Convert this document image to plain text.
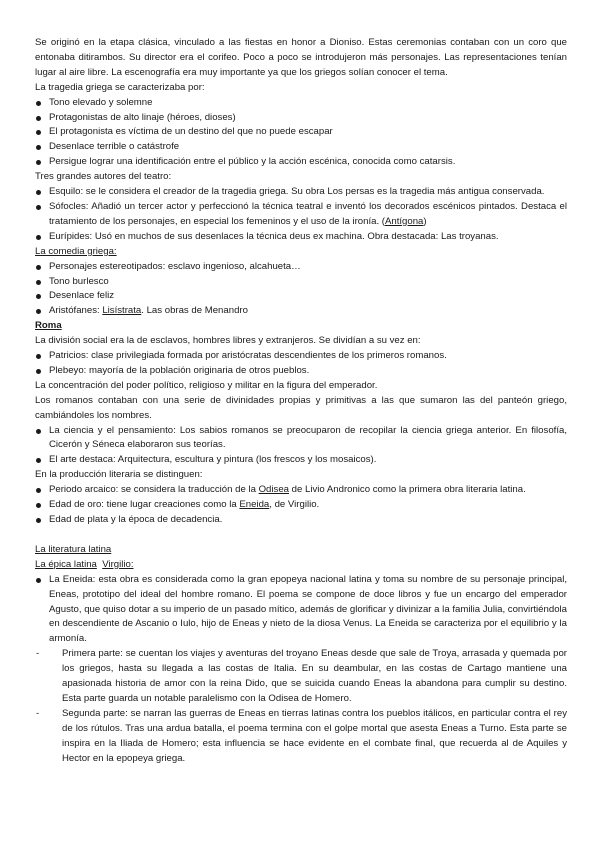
Se originó en la etapa clásica, vinculado a las fiestas en honor a Dioniso. Estas ceremonias contaban con un coro que entonaba ditirambos. Su director era el corifeo. Poco a poco se introdujeron más personajes. Las representaciones tenían lugar al aire libre. La escenografía era muy importante ya que los griegos solían conocer el tema.

La tragedia griega se caracterizaba por:

Tono elevado y solemne
Protagonistas de alto linaje (héroes, dioses)
El protagonista es víctima de un destino del que no puede escapar
Desenlace terrible o catástrofe
Persigue lograr una identificación entre el público y la acción escénica, conocida como catarsis.

Tres grandes autores del teatro:

Esquilo: se le considera el creador de la tragedia griega. Su obra Los persas es la tragedia más antigua conservada.
Sófocles: Añadió un tercer actor y perfeccionó la técnica teatral e inventó los decorados escénicos pintados. Destaca el tratamiento de los personajes, en especial los femeninos y el uso de la ironía. (Antígona)
Eurípides: Usó en muchos de sus desenlaces la técnica deus ex machina. Obra destacada: Las troyanas.

La comedia griega:

Personajes estereotipados: esclavo ingenioso, alcahueta…
Tono burlesco
Desenlace feliz
Aristófanes: Lisístrata. Las obras de Menandro

Roma

La división social era la de esclavos, hombres libres y extranjeros. Se dividían a su vez en:

Patricios: clase privilegiada formada por aristócratas descendientes de los primeros romanos.
Plebeyo: mayoría de la población originaria de otros pueblos.

La concentración del poder político, religioso y militar en la figura del emperador.

Los romanos contaban con una serie de divinidades propias y primitivas a las que sumaron las del panteón griego, cambiándoles los nombres.

La ciencia y el pensamiento: Los sabios romanos se preocuparon de recopilar la ciencia griega anterior. En filosofía, Cicerón y Séneca elaboraron sus teorías.
El arte destaca: Arquitectura, escultura y pintura (los frescos y los mosaicos).

En la producción literaria se distinguen:

Periodo arcaico: se considera la traducción de la Odisea de Livio Andronico como la primera obra literaria latina.
Edad de oro: tiene lugar creaciones como la Eneida, de Virgilio.
Edad de plata y la época de decadencia.

La literatura latina

La épica latina Virgilio:

La Eneida: esta obra es considerada como la gran epopeya nacional latina y toma su nombre de su personaje principal, Eneas, prototipo del ideal del hombre romano. El poema se compone de doce libros y fue un encargo del emperador Agusto, que quiso dotar a su imperio de un pasado mítico, además de glorificar y divinizar a la familia Julia, convirtiéndola en descendiente de Ascanio o Iulo, hijo de Eneas y nieto de la diosa Venus. La Eneida se caracteriza por el equilibrio y la armonía.
- Primera parte: se cuentan los viajes y aventuras del troyano Eneas desde que sale de Troya, arrasada y quemada por los griegos, hasta su llegada a las costas de Italia. En su deambular, en las costas de Cartago mantiene una apasionada historia de amor con la reina Dido, que se suicida cuando Eneas la abandona para cumplir su destino. Esta parte guarda un notable paralelismo con la Odisea de Homero.
- Segunda parte: se narran las guerras de Eneas en tierras latinas contra los pueblos itálicos, en particular contra el rey de los rútulos. Tras una ardua batalla, el poema termina con el golpe mortal que asesta Eneas a Turno. Esta parte se inspira en la Iliada de Homero; esta influencia se hace evidente en el combate final, que recuerda al de Aquiles y Hector en la epopeya griega.
